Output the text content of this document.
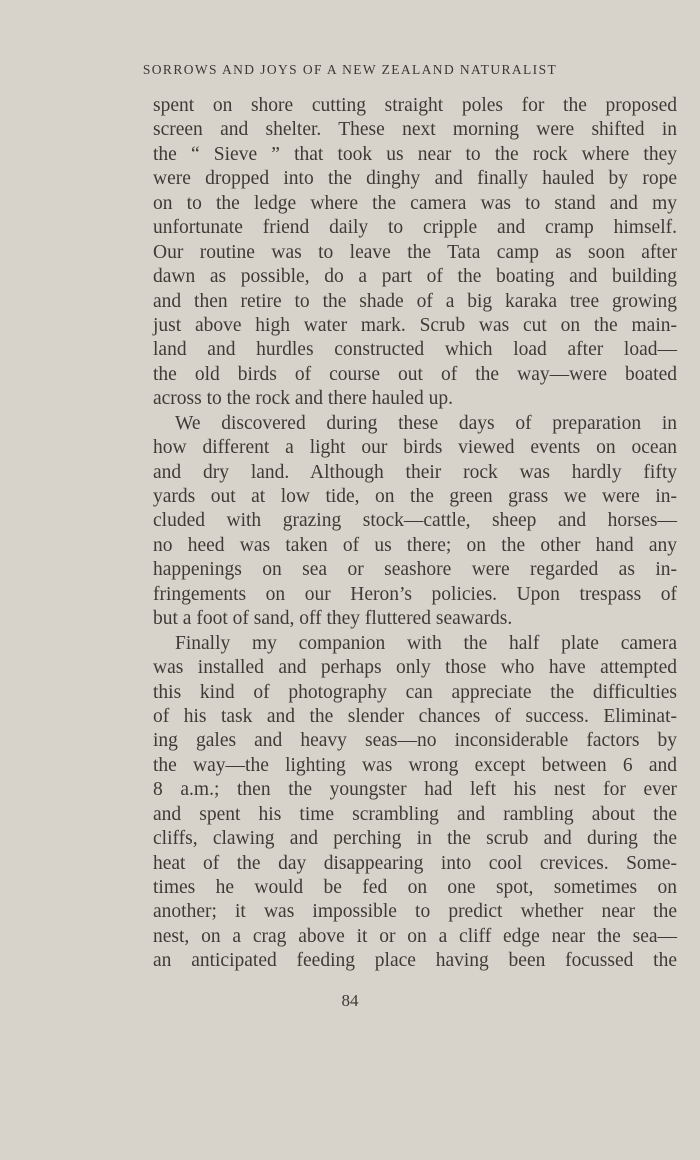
SORROWS AND JOYS OF A NEW ZEALAND NATURALIST
spent on shore cutting straight poles for the proposed
screen and shelter. These next morning were shifted in
the “ Sieve ” that took us near to the rock where they
were dropped into the dinghy and finally hauled by rope
on to the ledge where the camera was to stand and my
unfortunate friend daily to cripple and cramp himself.
Our routine was to leave the Tata camp as soon after
dawn as possible, do a part of the boating and building
and then retire to the shade of a big karaka tree growing
just above high water mark. Scrub was cut on the main-
land and hurdles constructed which load after load—
the old birds of course out of the way—were boated
across to the rock and there hauled up.
We discovered during these days of preparation in
how different a light our birds viewed events on ocean
and dry land. Although their rock was hardly fifty
yards out at low tide, on the green grass we were in-
cluded with grazing stock—cattle, sheep and horses—
no heed was taken of us there; on the other hand any
happenings on sea or seashore were regarded as in-
fringements on our Heron’s policies. Upon trespass of
but a foot of sand, off they fluttered seawards.
Finally my companion with the half plate camera
was installed and perhaps only those who have attempted
this kind of photography can appreciate the difficulties
of his task and the slender chances of success. Eliminat-
ing gales and heavy seas—no inconsiderable factors by
the way—the lighting was wrong except between 6 and
8 a.m.; then the youngster had left his nest for ever
and spent his time scrambling and rambling about the
cliffs, clawing and perching in the scrub and during the
heat of the day disappearing into cool crevices. Some-
times he would be fed on one spot, sometimes on
another; it was impossible to predict whether near the
nest, on a crag above it or on a cliff edge near the sea—
an anticipated feeding place having been focussed the
84
